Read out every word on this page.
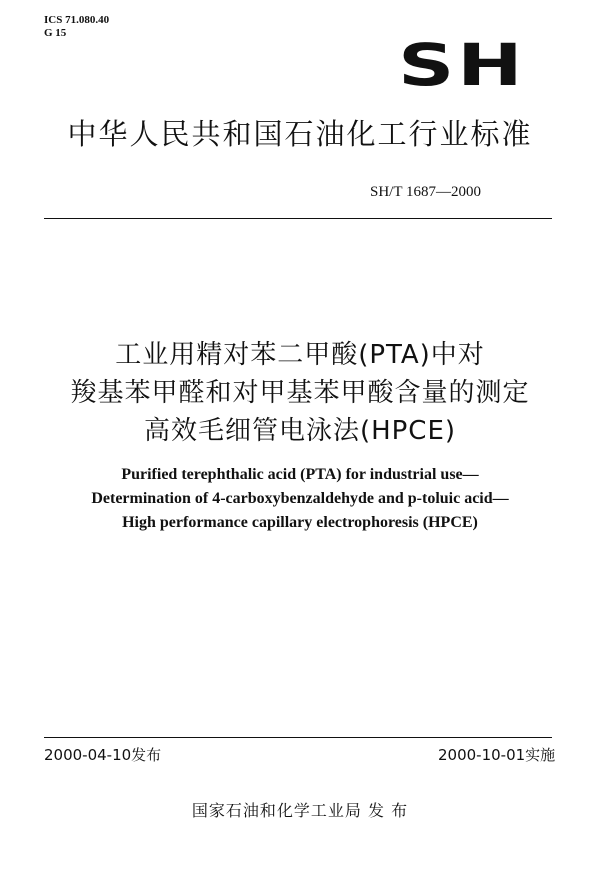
ICS 71.080.40
G 15	SH
中华人民共和国石油化工行业标准
SH/T 1687—2000
工业用精对苯二甲酸(PTA)中对
羧基苯甲醛和对甲基苯甲酸含量的测定
高效毛细管电泳法(HPCE)
Purified terephthalic acid (PTA) for industrial use—
Determination of 4-carboxybenzaldehyde and p-toluic acid—
High performance capillary electrophoresis (HPCE)
2000-04-10发布	2000-10-01实施
国家石油和化学工业局 发 布
